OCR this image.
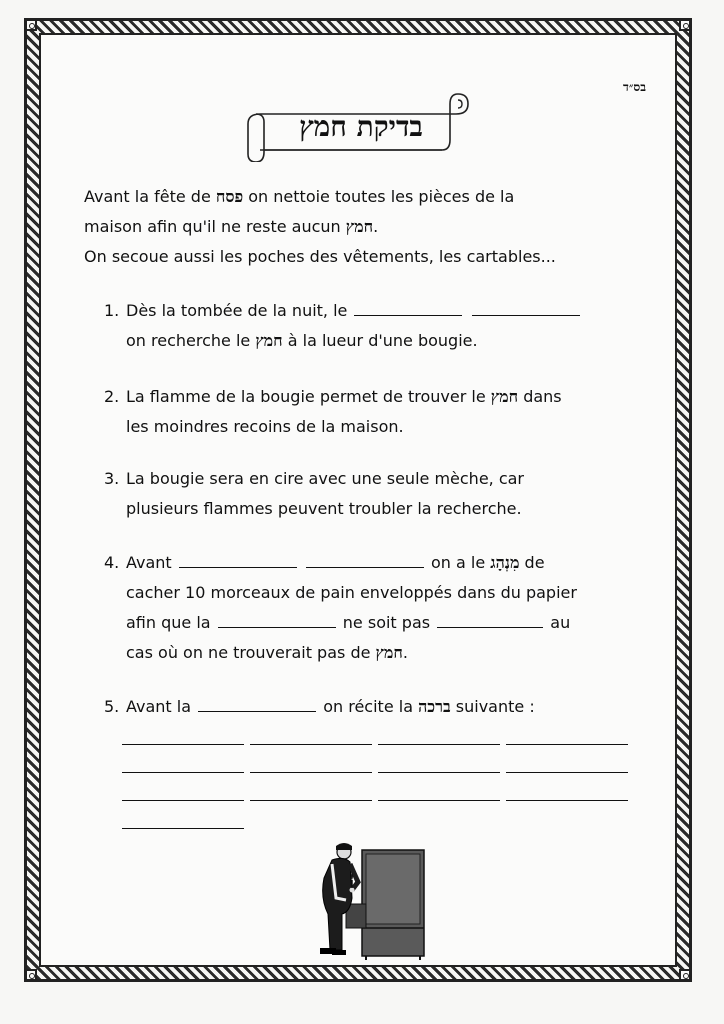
בס״ד
בדיקת חמץ
Avant la fête de פסח on nettoie toutes les pièces de la
maison afin qu'il ne reste aucun חמץ.
On secoue aussi les poches des vêtements, les cartables...
1. Dès la tombée de la nuit, le
on recherche le חמץ à la lueur d'une bougie.
2. La flamme de la bougie permet de trouver le חמץ dans
les moindres recoins de la maison.
3. La bougie sera en cire avec une seule mèche, car
plusieurs flammes peuvent troubler la recherche.
4. Avant	on a le מִנְהָג de
cacher 10 morceaux de pain enveloppés dans du papier
afin que la	ne soit pas	au
cas où on ne trouverait pas de חמץ.
5. Avant la	on récite la ברכה suivante :
